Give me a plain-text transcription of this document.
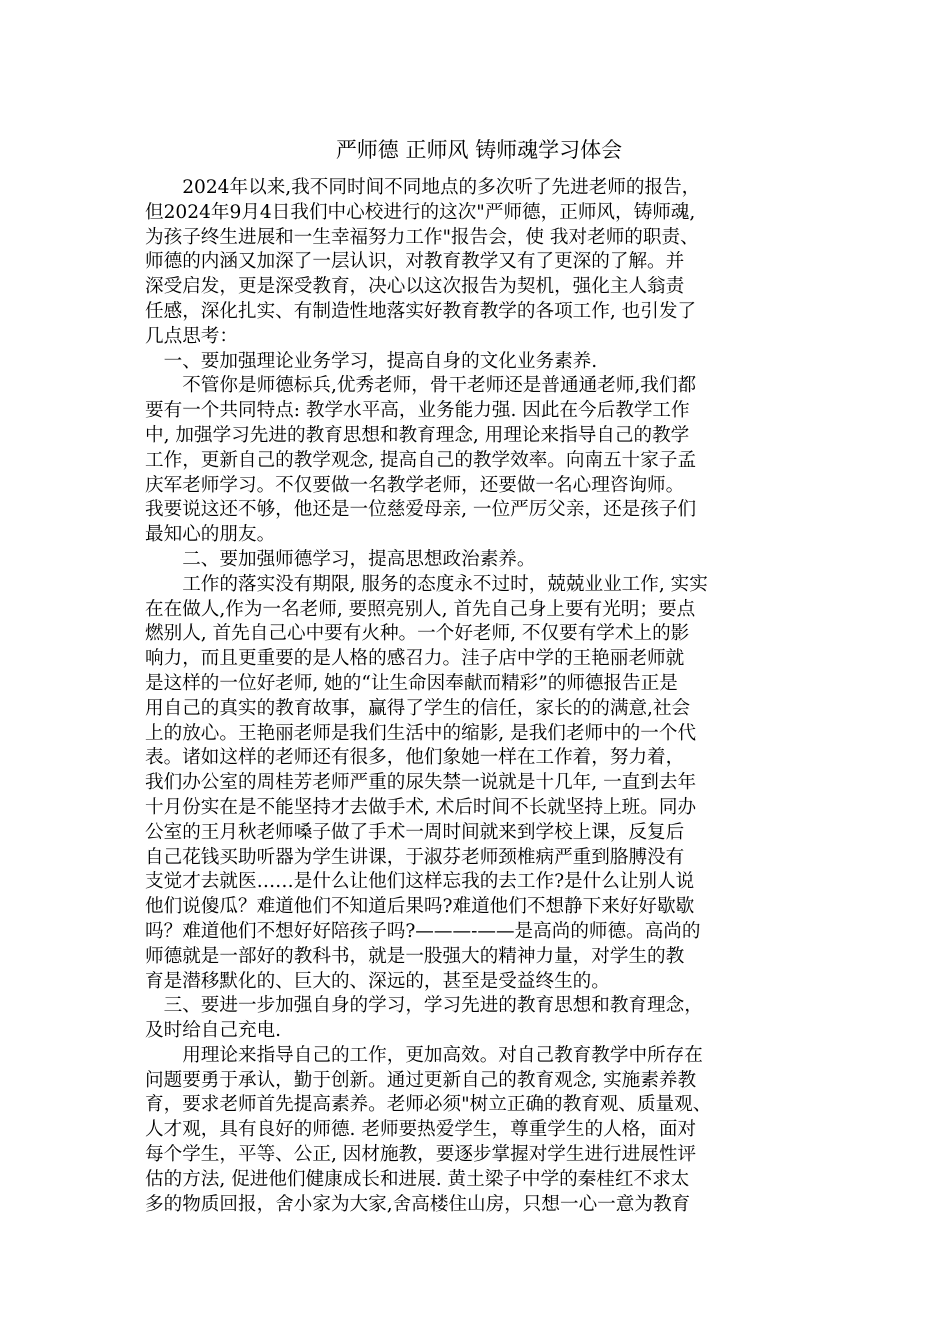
严师德 正师风 铸师魂学习体会
　　2024年以来,我不同时间不同地点的多次听了先进老师的报告，
但2024年9月4日我们中心校进行的这次"严师德，正师风，铸师魂,
为孩子终生进展和一生幸福努力工作"报告会，使 我对老师的职责、
师德的内涵又加深了一层认识，对教育教学又有了更深的了解。并
深受启发，更是深受教育，决心以这次报告为契机，强化主人翁责
任感，深化扎实、有制造性地落实好教育教学的各项工作, 也引发了
几点思考：
　一、要加强理论业务学习，提高自身的文化业务素养.
　　不管你是师德标兵,优秀老师，骨干老师还是普通通老师,我们都
要有一个共同特点: 教学水平高，业务能力强. 因此在今后教学工作
中, 加强学习先进的教育思想和教育理念, 用理论来指导自己的教学
工作，更新自己的教学观念, 提高自己的教学效率。向南五十家子孟
庆军老师学习。不仅要做一名教学老师，还要做一名心理咨询师。
我要说这还不够，他还是一位慈爱母亲, 一位严厉父亲，还是孩子们
最知心的朋友。
　　二、要加强师德学习，提高思想政治素养。
　　工作的落实没有期限, 服务的态度永不过时，兢兢业业工作, 实实
在在做人,作为一名老师, 要照亮别人, 首先自己身上要有光明；要点
燃别人, 首先自己心中要有火种。一个好老师, 不仅要有学术上的影
响力，而且更重要的是人格的感召力。洼子店中学的王艳丽老师就
是这样的一位好老师, 她的“让生命因奉献而精彩”的师德报告正是
用自己的真实的教育故事，赢得了学生的信任，家长的的满意,社会
上的放心。王艳丽老师是我们生活中的缩影, 是我们老师中的一个代
表。诸如这样的老师还有很多，他们象她一样在工作着，努力着，
我们办公室的周桂芳老师严重的尿失禁一说就是十几年, 一直到去年
十月份实在是不能坚持才去做手术, 术后时间不长就坚持上班。同办
公室的王月秋老师嗓子做了手术一周时间就来到学校上课，反复后
自己花钱买助听器为学生讲课，于淑芬老师颈椎病严重到胳膊没有
支觉才去就医……是什么让他们这样忘我的去工作?是什么让别人说
他们说傻瓜？难道他们不知道后果吗?难道他们不想静下来好好歇歇
吗？难道他们不想好好陪孩子吗?———-——是高尚的师德。高尚的
师德就是一部好的教科书，就是一股强大的精神力量，对学生的教
育是潜移默化的、巨大的、深远的，甚至是受益终生的。
　三、要进一步加强自身的学习，学习先进的教育思想和教育理念，
及时给自己充电.
　　用理论来指导自己的工作，更加高效。对自己教育教学中所存在
问题要勇于承认，勤于创新。通过更新自己的教育观念, 实施素养教
育，要求老师首先提高素养。老师必须"树立正确的教育观、质量观、
人才观，具有良好的师德. 老师要热爱学生，尊重学生的人格，面对
每个学生，平等、公正, 因材施教，要逐步掌握对学生进行进展性评
估的方法, 促进他们健康成长和进展. 黄土梁子中学的秦桂红不求太
多的物质回报，舍小家为大家,舍高楼住山房，只想一心一意为教育
